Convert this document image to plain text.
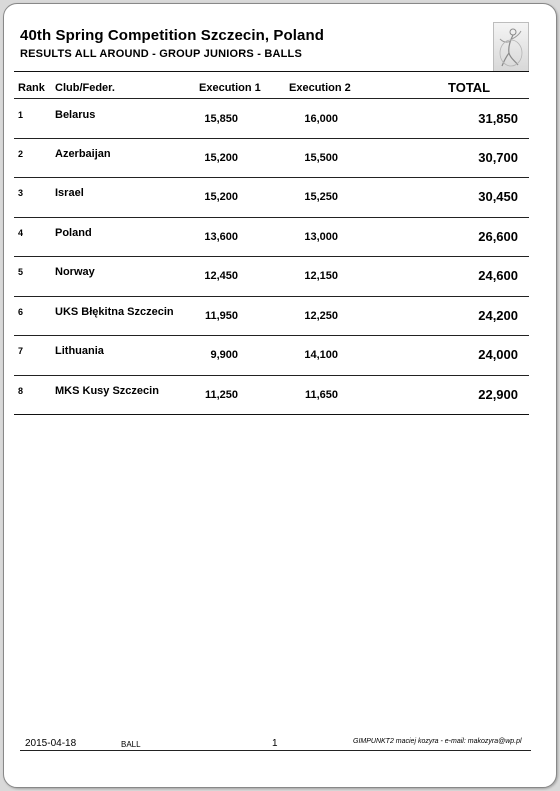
40th Spring Competition Szczecin, Poland
RESULTS ALL AROUND - GROUP JUNIORS - BALLS
Rank Club/Feder.	Execution 1	Execution 2	TOTAL
1	Belarus	15,850	16,000	31,850
2	Azerbaijan	15,200	15,500	30,700
3	Israel	15,200	15,250	30,450
4	Poland	13,600	13,000	26,600
5	Norway	12,450	12,150	24,600
6	UKS Błękitna Szczecin	11,950	12,250	24,200
7	Lithuania	9,900	14,100	24,000
8	MKS Kusy Szczecin	11,250	11,650	22,900
2015-04-18	BALL	1	GIMPUNKT2 maciej kozyra - e-mail: makozyra@wp.pl
